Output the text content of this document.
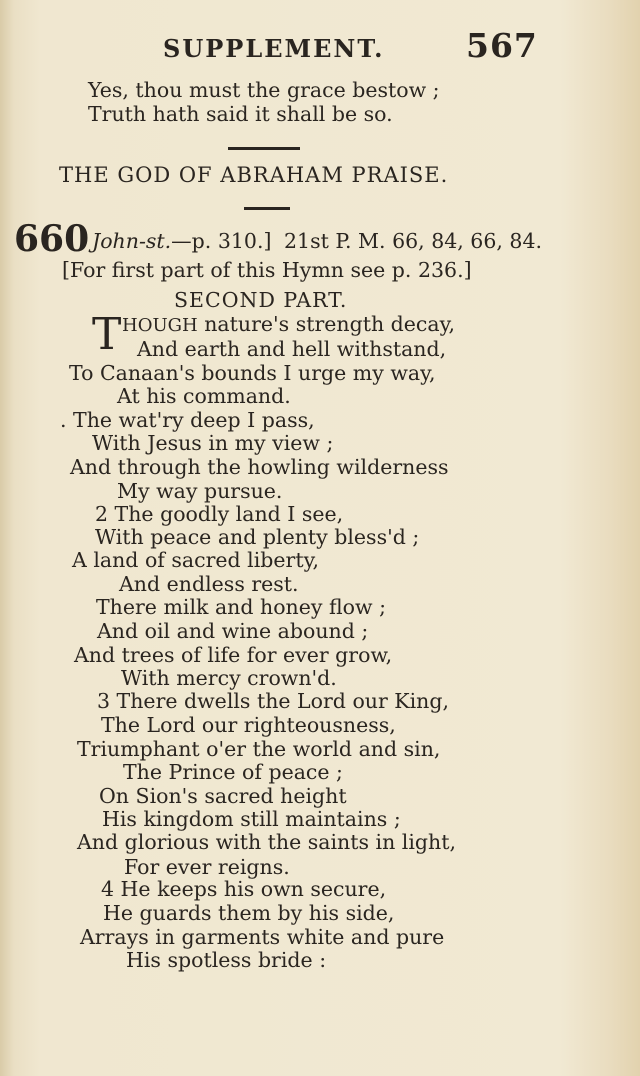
SUPPLEMENT. 567
Yes, thou must the grace bestow ;
Truth hath said it shall be so.
THE GOD OF ABRAHAM PRAISE.
660 John-st.—p. 310.] 21st P. M. 66, 84, 66, 84.
[For first part of this Hymn see p. 236.]
SECOND PART.
T HOUGH nature's strength decay,
And earth and hell withstand,
To Canaan's bounds I urge my way,
At his command.
. The wat'ry deep I pass,
With Jesus in my view ;
And through the howling wilderness
My way pursue.
2 The goodly land I see,
With peace and plenty bless'd ;
A land of sacred liberty,
And endless rest.
There milk and honey flow ;
And oil and wine abound ;
And trees of life for ever grow,
With mercy crown'd.
3 There dwells the Lord our King,
The Lord our righteousness,
Triumphant o'er the world and sin,
The Prince of peace ;
On Sion's sacred height
His kingdom still maintains ;
And glorious with the saints in light,
For ever reigns.
4 He keeps his own secure,
He guards them by his side,
Arrays in garments white and pure
His spotless bride :
